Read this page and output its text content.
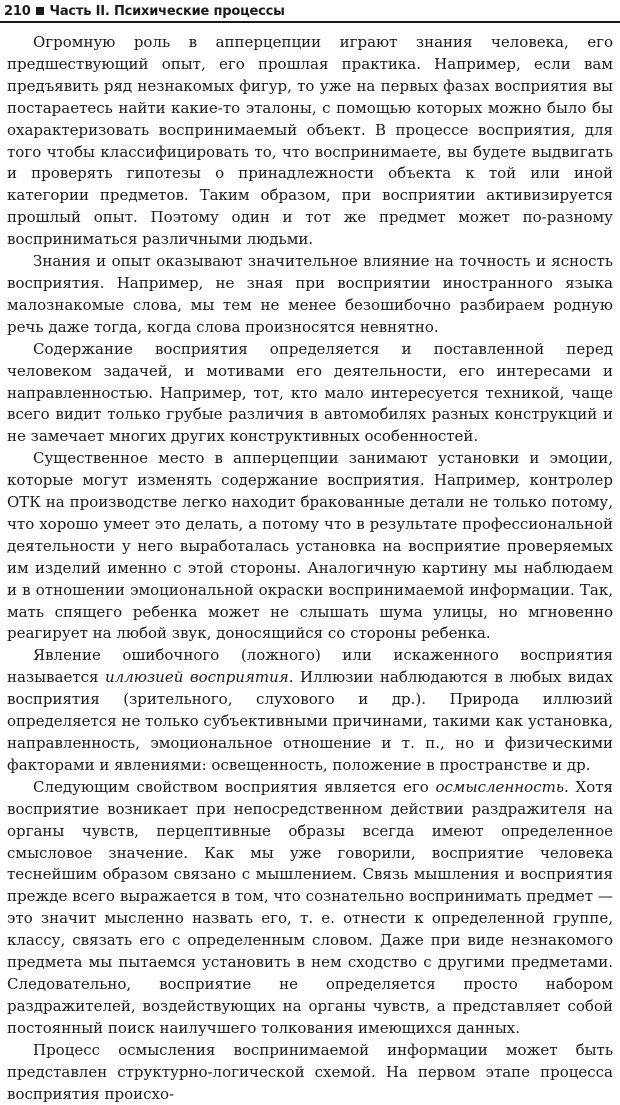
210 Часть II. Психические процессы

Огромную роль в апперцепции играют знания человека, его предшествующий опыт, его прошлая практика. Например, если вам предъявить ряд незнакомых фигур, то уже на первых фазах восприятия вы постараетесь найти какие-то эталоны, с помощью которых можно было бы охарактеризовать воспринимаемый объект. В процессе восприятия, для того чтобы классифицировать то, что воспринимаете, вы будете выдвигать и проверять гипотезы о принадлежности объекта к той или иной категории предметов. Таким образом, при восприятии активизируется прошлый опыт. Поэтому один и тот же предмет может по-разному восприниматься различными людьми.

Знания и опыт оказывают значительное влияние на точность и ясность восприятия. Например, не зная при восприятии иностранного языка малознакомые слова, мы тем не менее безошибочно разбираем родную речь даже тогда, когда слова произносятся невнятно.

Содержание восприятия определяется и поставленной перед человеком задачей, и мотивами его деятельности, его интересами и направленностью. Например, тот, кто мало интересуется техникой, чаще всего видит только грубые различия в автомобилях разных конструкций и не замечает многих других конструктивных особенностей.

Существенное место в апперцепции занимают установки и эмоции, которые могут изменять содержание восприятия. Например, контролер ОТК на производстве легко находит бракованные детали не только потому, что хорошо умеет это делать, а потому что в результате профессиональной деятельности у него выработалась установка на восприятие проверяемых им изделий именно с этой стороны. Аналогичную картину мы наблюдаем и в отношении эмоциональной окраски воспринимаемой информации. Так, мать спящего ребенка может не слышать шума улицы, но мгновенно реагирует на любой звук, доносящийся со стороны ребенка.

Явление ошибочного (ложного) или искаженного восприятия называется иллюзией восприятия. Иллюзии наблюдаются в любых видах восприятия (зрительного, слухового и др.). Природа иллюзий определяется не только субъективными причинами, такими как установка, направленность, эмоциональное отношение и т. п., но и физическими факторами и явлениями: освещенность, положение в пространстве и др.

Следующим свойством восприятия является его осмысленность. Хотя восприятие возникает при непосредственном действии раздражителя на органы чувств, перцептивные образы всегда имеют определенное смысловое значение. Как мы уже говорили, восприятие человека теснейшим образом связано с мышлением. Связь мышления и восприятия прежде всего выражается в том, что сознательно воспринимать предмет — это значит мысленно назвать его, т. е. отнести к определенной группе, классу, связать его с определенным словом. Даже при виде незнакомого предмета мы пытаемся установить в нем сходство с другими предметами. Следовательно, восприятие не определяется просто набором раздражителей, воздействующих на органы чувств, а представляет собой постоянный поиск наилучшего толкования имеющихся данных.

Процесс осмысления воспринимаемой информации может быть представлен структурно-логической схемой. На первом этапе процесса восприятия происхо-
